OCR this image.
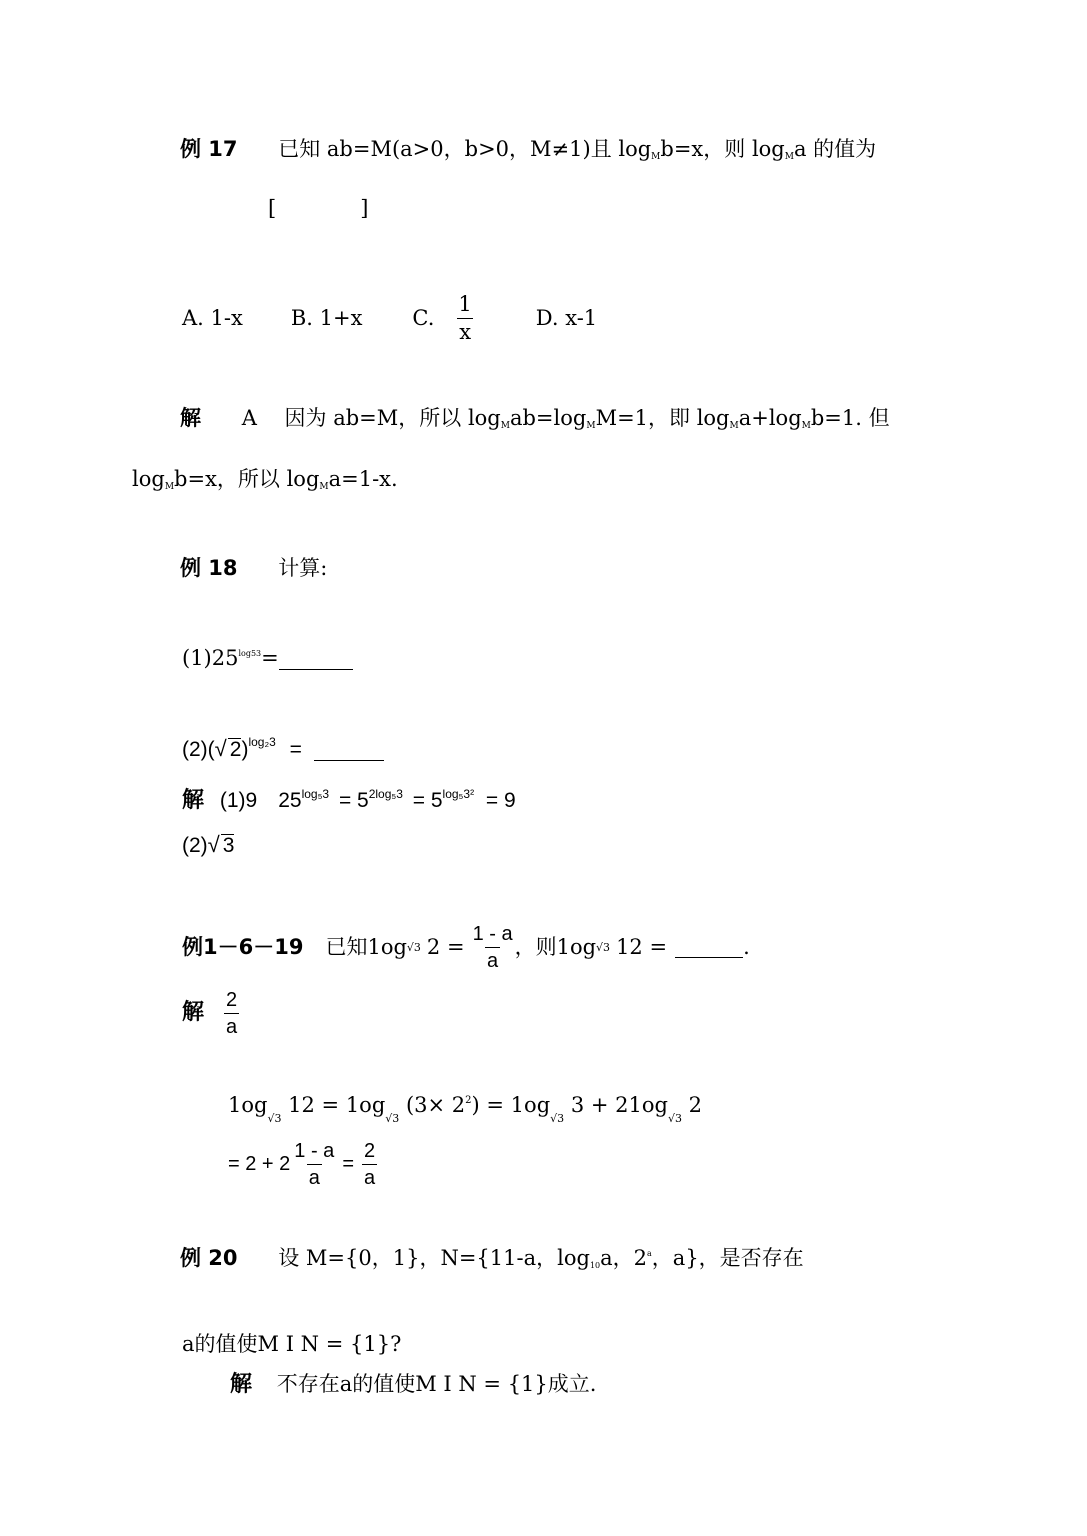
例 17 已知 ab=M(a>0，b>0，M≠1)且 $\log_Mb=x$，则 $\log_Ma$ 的值为
[　　　　]
A. 1-x B. 1+x C. $\frac{1}{x}$	D. x-1
解 A　 因为 ab=M，所以 $\log_Mab=\log_MM=1$，即 $\log_Ma+\log_Mb=1$. 但
$\log_Mb=x$，所以 $\log_Ma=1-x$.
例 18 计算:
$(1)25^{log53}=$
(2)(√ 2)$^{log_23}$ =
解 (1)9　$25^{log_53} = 5^{2log_53} = 5^{log_53^2} = 9$
(2)√ 3
例1－6－19 已知1og √3 $2 = \frac{1 - a}{a}$ ，则1og √3 12 =
	.
解 $\frac{2}{a}$
$1og_{√3}$ $12 = 1og_{√3}$ $(3\times 2^2) = 1og_{√3}$ $3 + 21og_{√3}$ 2
= $2 + 2 \frac{1 - a}{a} = \frac{2}{a}$
例 20 设 M={0，1}，N={11-a，$\log_{10}a$，2$^a$，a}，是否存在
a的值使M I N = {1}?
解 不存在a的值使M I N = {1}成立.
